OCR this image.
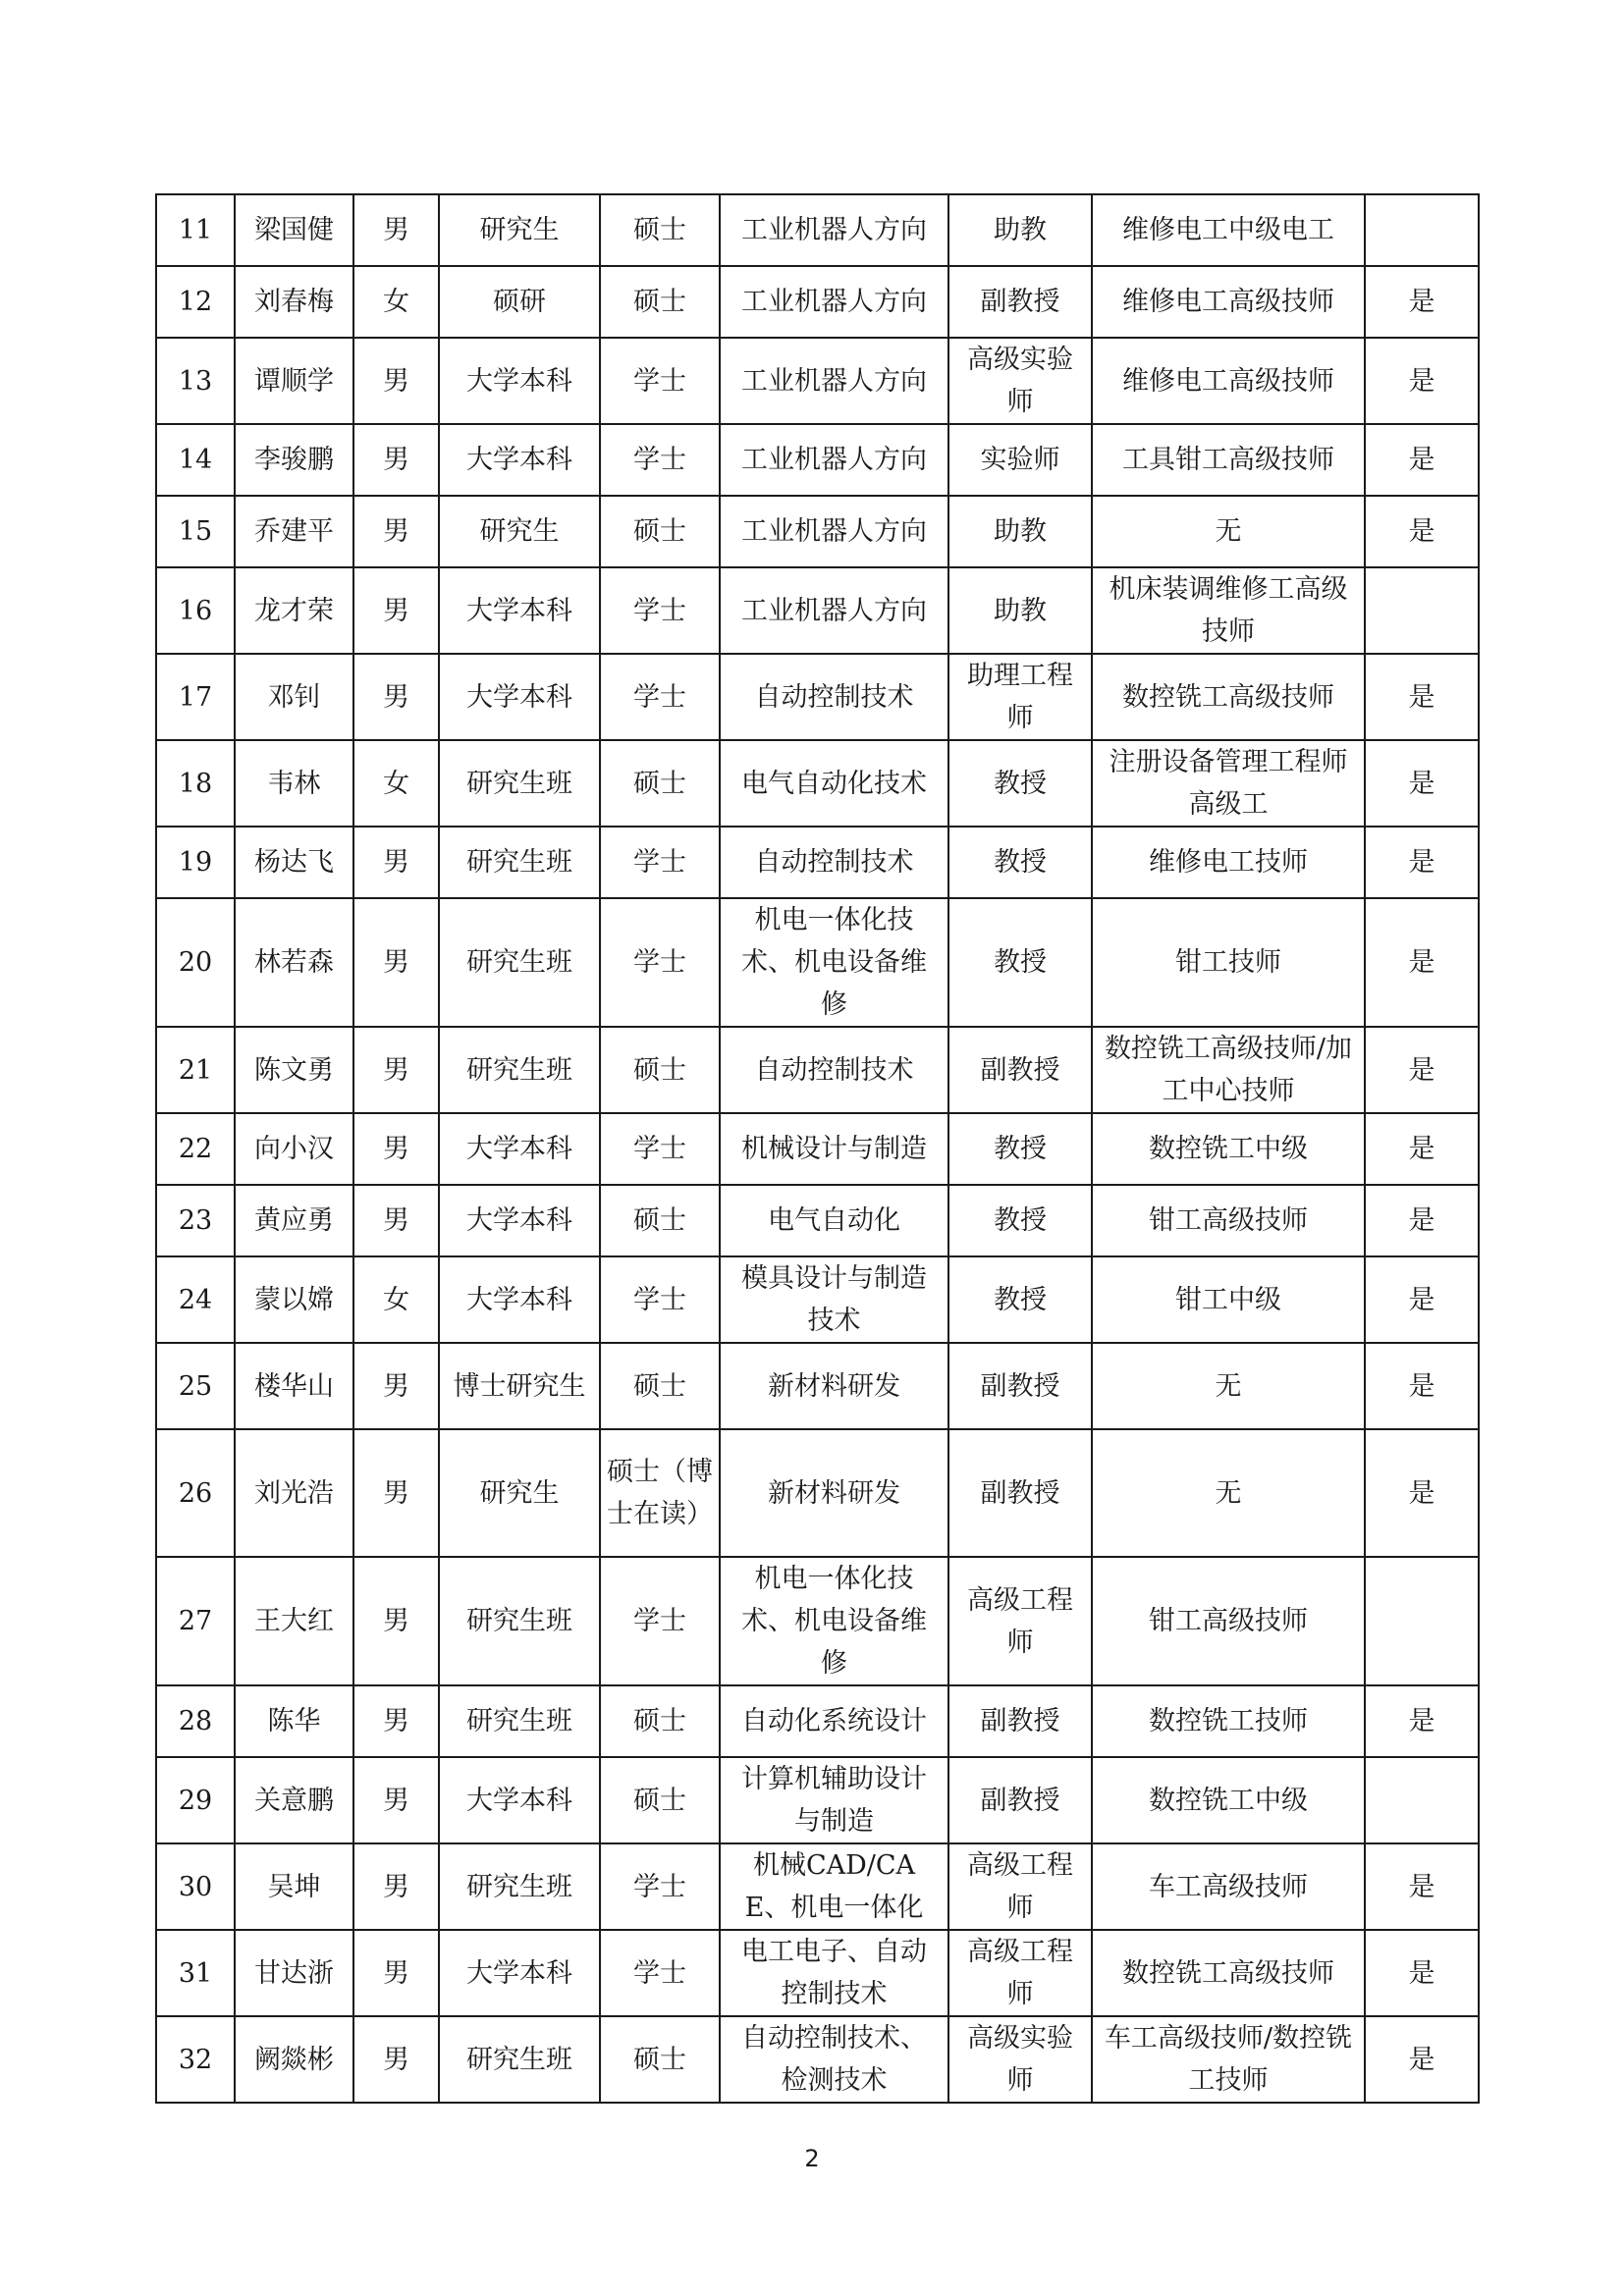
11	梁国健	男	研究生	硕士	工业机器人方向	助教	维修电工中级电工	
12	刘春梅	女	硕研	硕士	工业机器人方向	副教授	维修电工高级技师	是
13	谭顺学	男	大学本科	学士	工业机器人方向	高级实验师	维修电工高级技师	是
14	李骏鹏	男	大学本科	学士	工业机器人方向	实验师	工具钳工高级技师	是
15	乔建平	男	研究生	硕士	工业机器人方向	助教	无	是
16	龙才荣	男	大学本科	学士	工业机器人方向	助教	机床装调维修工高级技师	
17	邓钊	男	大学本科	学士	自动控制技术	助理工程师	数控铣工高级技师	是
18	韦林	女	研究生班	硕士	电气自动化技术	教授	注册设备管理工程师高级工	是
19	杨达飞	男	研究生班	学士	自动控制技术	教授	维修电工技师	是
20	林若森	男	研究生班	学士	机电一体化技术、机电设备维修	教授	钳工技师	是
21	陈文勇	男	研究生班	硕士	自动控制技术	副教授	数控铣工高级技师/加工中心技师	是
22	向小汉	男	大学本科	学士	机械设计与制造	教授	数控铣工中级	是
23	黄应勇	男	大学本科	硕士	电气自动化	教授	钳工高级技师	是
24	蒙以嫦	女	大学本科	学士	模具设计与制造技术	教授	钳工中级	是
25	楼华山	男	博士研究生	硕士	新材料研发	副教授	无	是
26	刘光浩	男	研究生	硕士（博士在读）	新材料研发	副教授	无	是
27	王大红	男	研究生班	学士	机电一体化技术、机电设备维修	高级工程师	钳工高级技师	
28	陈华	男	研究生班	硕士	自动化系统设计	副教授	数控铣工技师	是
29	关意鹏	男	大学本科	硕士	计算机辅助设计与制造	副教授	数控铣工中级	
30	吴坤	男	研究生班	学士	机械CAD/CAE、机电一体化	高级工程师	车工高级技师	是
31	甘达浙	男	大学本科	学士	电工电子、自动控制技术	高级工程师	数控铣工高级技师	是
32	阙燚彬	男	研究生班	硕士	自动控制技术、检测技术	高级实验师	车工高级技师/数控铣工技师	是
2
